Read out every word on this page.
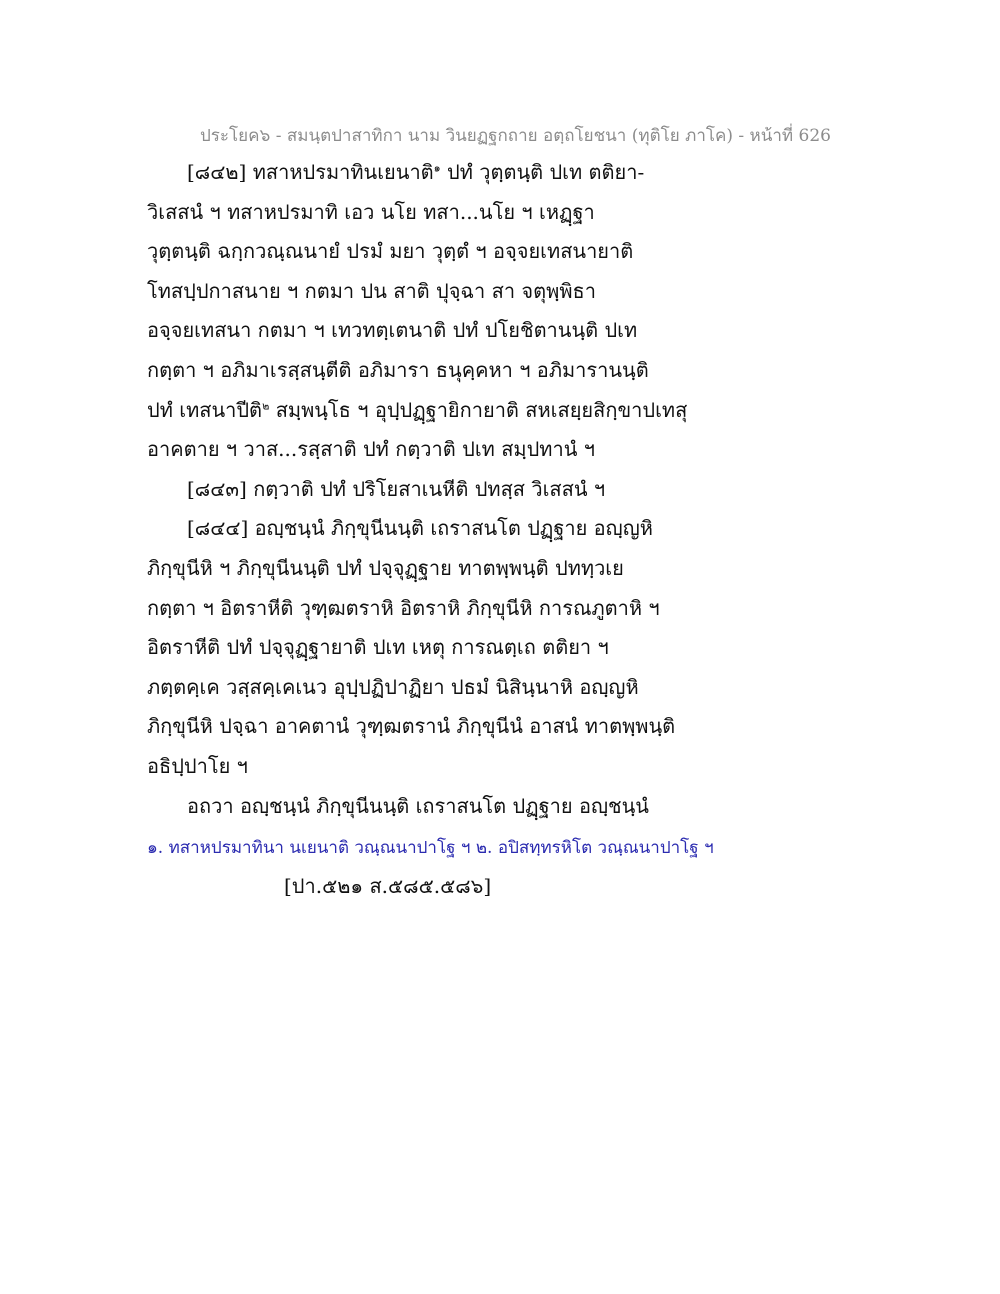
ประโยค๖ - สมนฺตปาสาทิกา นาม วินยฏฐกถาย อตฺถโยชนา (ทุติโย ภาโค) - หน้าที่ 626
[๘๔๒] ทสาหปรมาทินเยนาติ$^๑$ ปทํ วุตฺตนฺติ ปเท ตติยา-
วิเสสนํ ฯ ทสาหปรมาทิ เอว นโย ทสา...นโย ฯ เหฏฺฐา
วุตฺตนฺติ ฉกฺกวณฺณนายํ ปรมํ มยา วุตฺตํ ฯ อจฺจยเทสนายาติ
โทสปฺปกาสนาย ฯ กตมา ปน สาติ ปุจฺฉา สา จตุพฺพิธา
อจฺจยเทสนา กตมา ฯ เทวทตฺเตนาติ ปทํ ปโยชิตานนฺติ ปเท
กตฺตา ฯ อภิมาเรสฺสนฺตีติ อภิมารา ธนุคฺคหา ฯ อภิมารานนฺติ
ปทํ เทสนาปีติ$^๒$ สมฺพนฺโธ ฯ อุปฺปฏฺฐายิกายาติ สหเสยฺยสิกฺขาปเทสุ
อาคตาย ฯ วาส...รสฺสาติ ปทํ กตฺวาติ ปเท สมฺปทานํ ฯ
[๘๔๓] กตฺวาติ ปทํ ปริโยสาเนหีติ ปทสฺส วิเสสนํ ฯ
[๘๔๔] อญฺชนฺนํ ภิกฺขุนีนนฺติ เถราสนโต ปฏฺฐาย อญฺญหิ
ภิกฺขุนีหิ ฯ ภิกฺขุนีนนฺติ ปทํ ปจฺจุฏฺฐาย ทาตพฺพนฺติ ปททฺวเย
กตฺตา ฯ อิตราหีติ วุฑฺฒตราหิ อิตราหิ ภิกฺขุนีหิ การณภูตาหิ ฯ
อิตราหีติ ปทํ ปจฺจุฏฺฐายาติ ปเท เหตุ การณตฺเถ ตติยา ฯ
ภตฺตคฺเค วสฺสคฺเคเนว อุปฺปฏิปาฏิยา ปธมํ นิสินฺนาหิ อญฺญหิ
ภิกฺขุนีหิ ปจฺฉา อาคตานํ วุฑฺฒตรานํ ภิกฺขุนีนํ อาสนํ ทาตพฺพนฺติ
อธิปฺปาโย ฯ
อถวา อญฺชนฺนํ ภิกฺขุนีนนฺติ เถราสนโต ปฏฺฐาย อญฺชนฺนํ
๑. ทสาหปรมาทินา นเยนาติ วณฺณนาปาโฐ ฯ ๒. อปิสทฺทรหิโต วณฺณนาปาโฐ ฯ
[ปา.๕๒๑ ส.๕๘๕.๕๘๖]
